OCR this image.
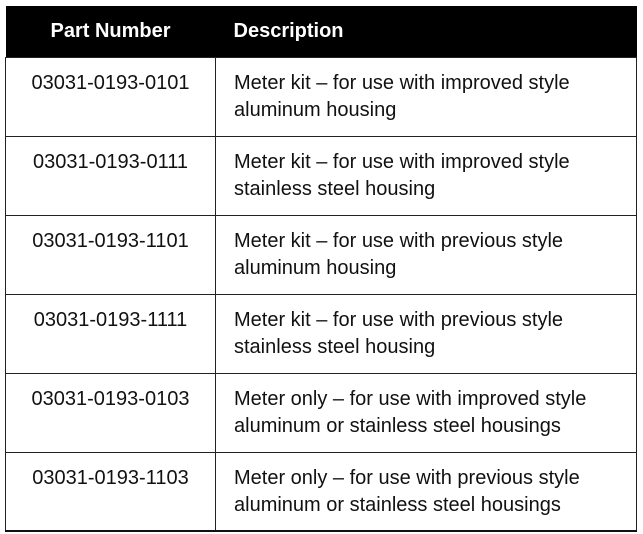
Part Number	Description
03031-0193-0101	Meter kit – for use with improved style aluminum housing
03031-0193-0111	Meter kit – for use with improved style stainless steel housing
03031-0193-1101	Meter kit – for use with previous style aluminum housing
03031-0193-1111	Meter kit – for use with previous style stainless steel housing
03031-0193-0103	Meter only – for use with improved style aluminum or stainless steel housings
03031-0193-1103	Meter only – for use with previous style aluminum or stainless steel housings
